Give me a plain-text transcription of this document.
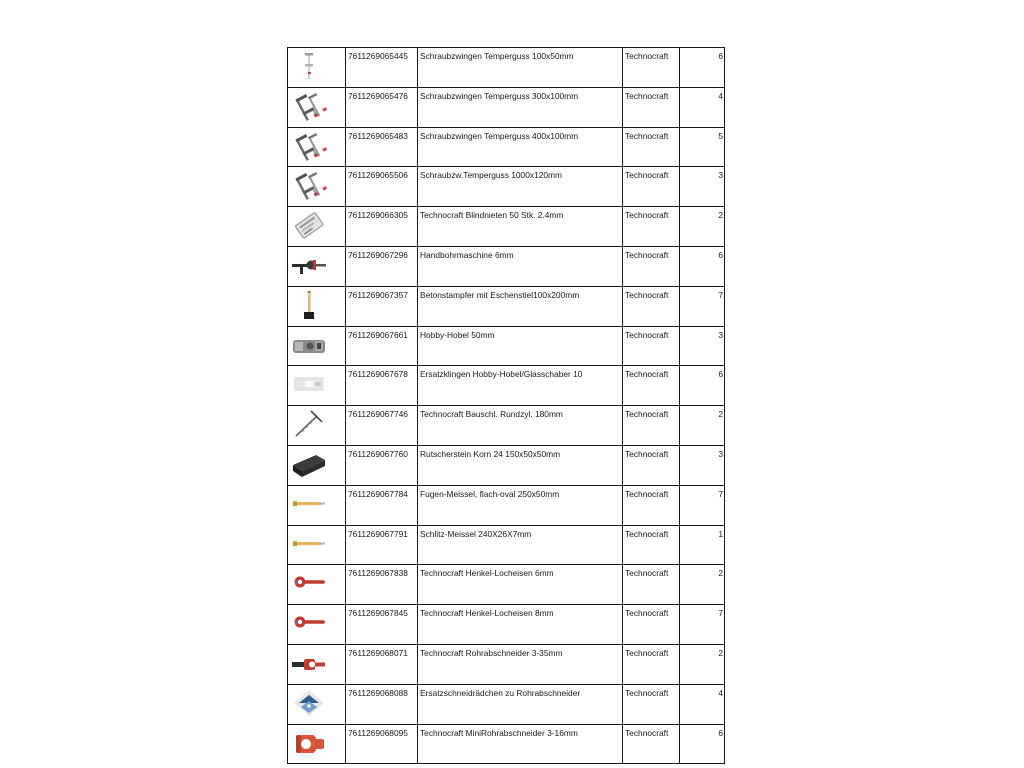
	7611269065445	Schraubzwingen Temperguss 100x50mm	Technocraft	6

	7611269065476	Schraubzwingen Temperguss 300x100mm	Technocraft	4

	7611269065483	Schraubzwingen Temperguss 400x100mm	Technocraft	5

	7611269065506	Schraubzw.Temperguss 1000x120mm	Technocraft	3

	7611269066305	Technocraft Blindnieten 50 Stk. 2.4mm	Technocraft	2

	7611269067296	Handbohrmaschine 6mm	Technocraft	6

	7611269067357	Betonstampfer mit Eschenstiel100x200mm	Technocraft	7

	7611269067661	Hobby-Hobel 50mm	Technocraft	3

	7611269067678	Ersatzklingen Hobby-Hobel/Glasschaber 10	Technocraft	6

	7611269067746	Technocraft Bauschl. Rundzyl. 180mm	Technocraft	2

	7611269067760	Rutscherstein Korn 24 150x50x50mm	Technocraft	3

	7611269067784	Fugen-Meissel, flach-oval 250x50mm	Technocraft	7

	7611269067791	Schlitz-Meissel 240X26X7mm	Technocraft	1

	7611269067838	Technocraft Henkel-Locheisen 6mm	Technocraft	2

	7611269067845	Technocraft Henkel-Locheisen 8mm	Technocraft	7

	7611269068071	Technocraft Rohrabschneider 3-35mm	Technocraft	2

	7611269068088	Ersatzschneidrädchen zu Rohrabschneider	Technocraft	4

	7611269068095	Technocraft MiniRohrabschneider 3-16mm	Technocraft	6
